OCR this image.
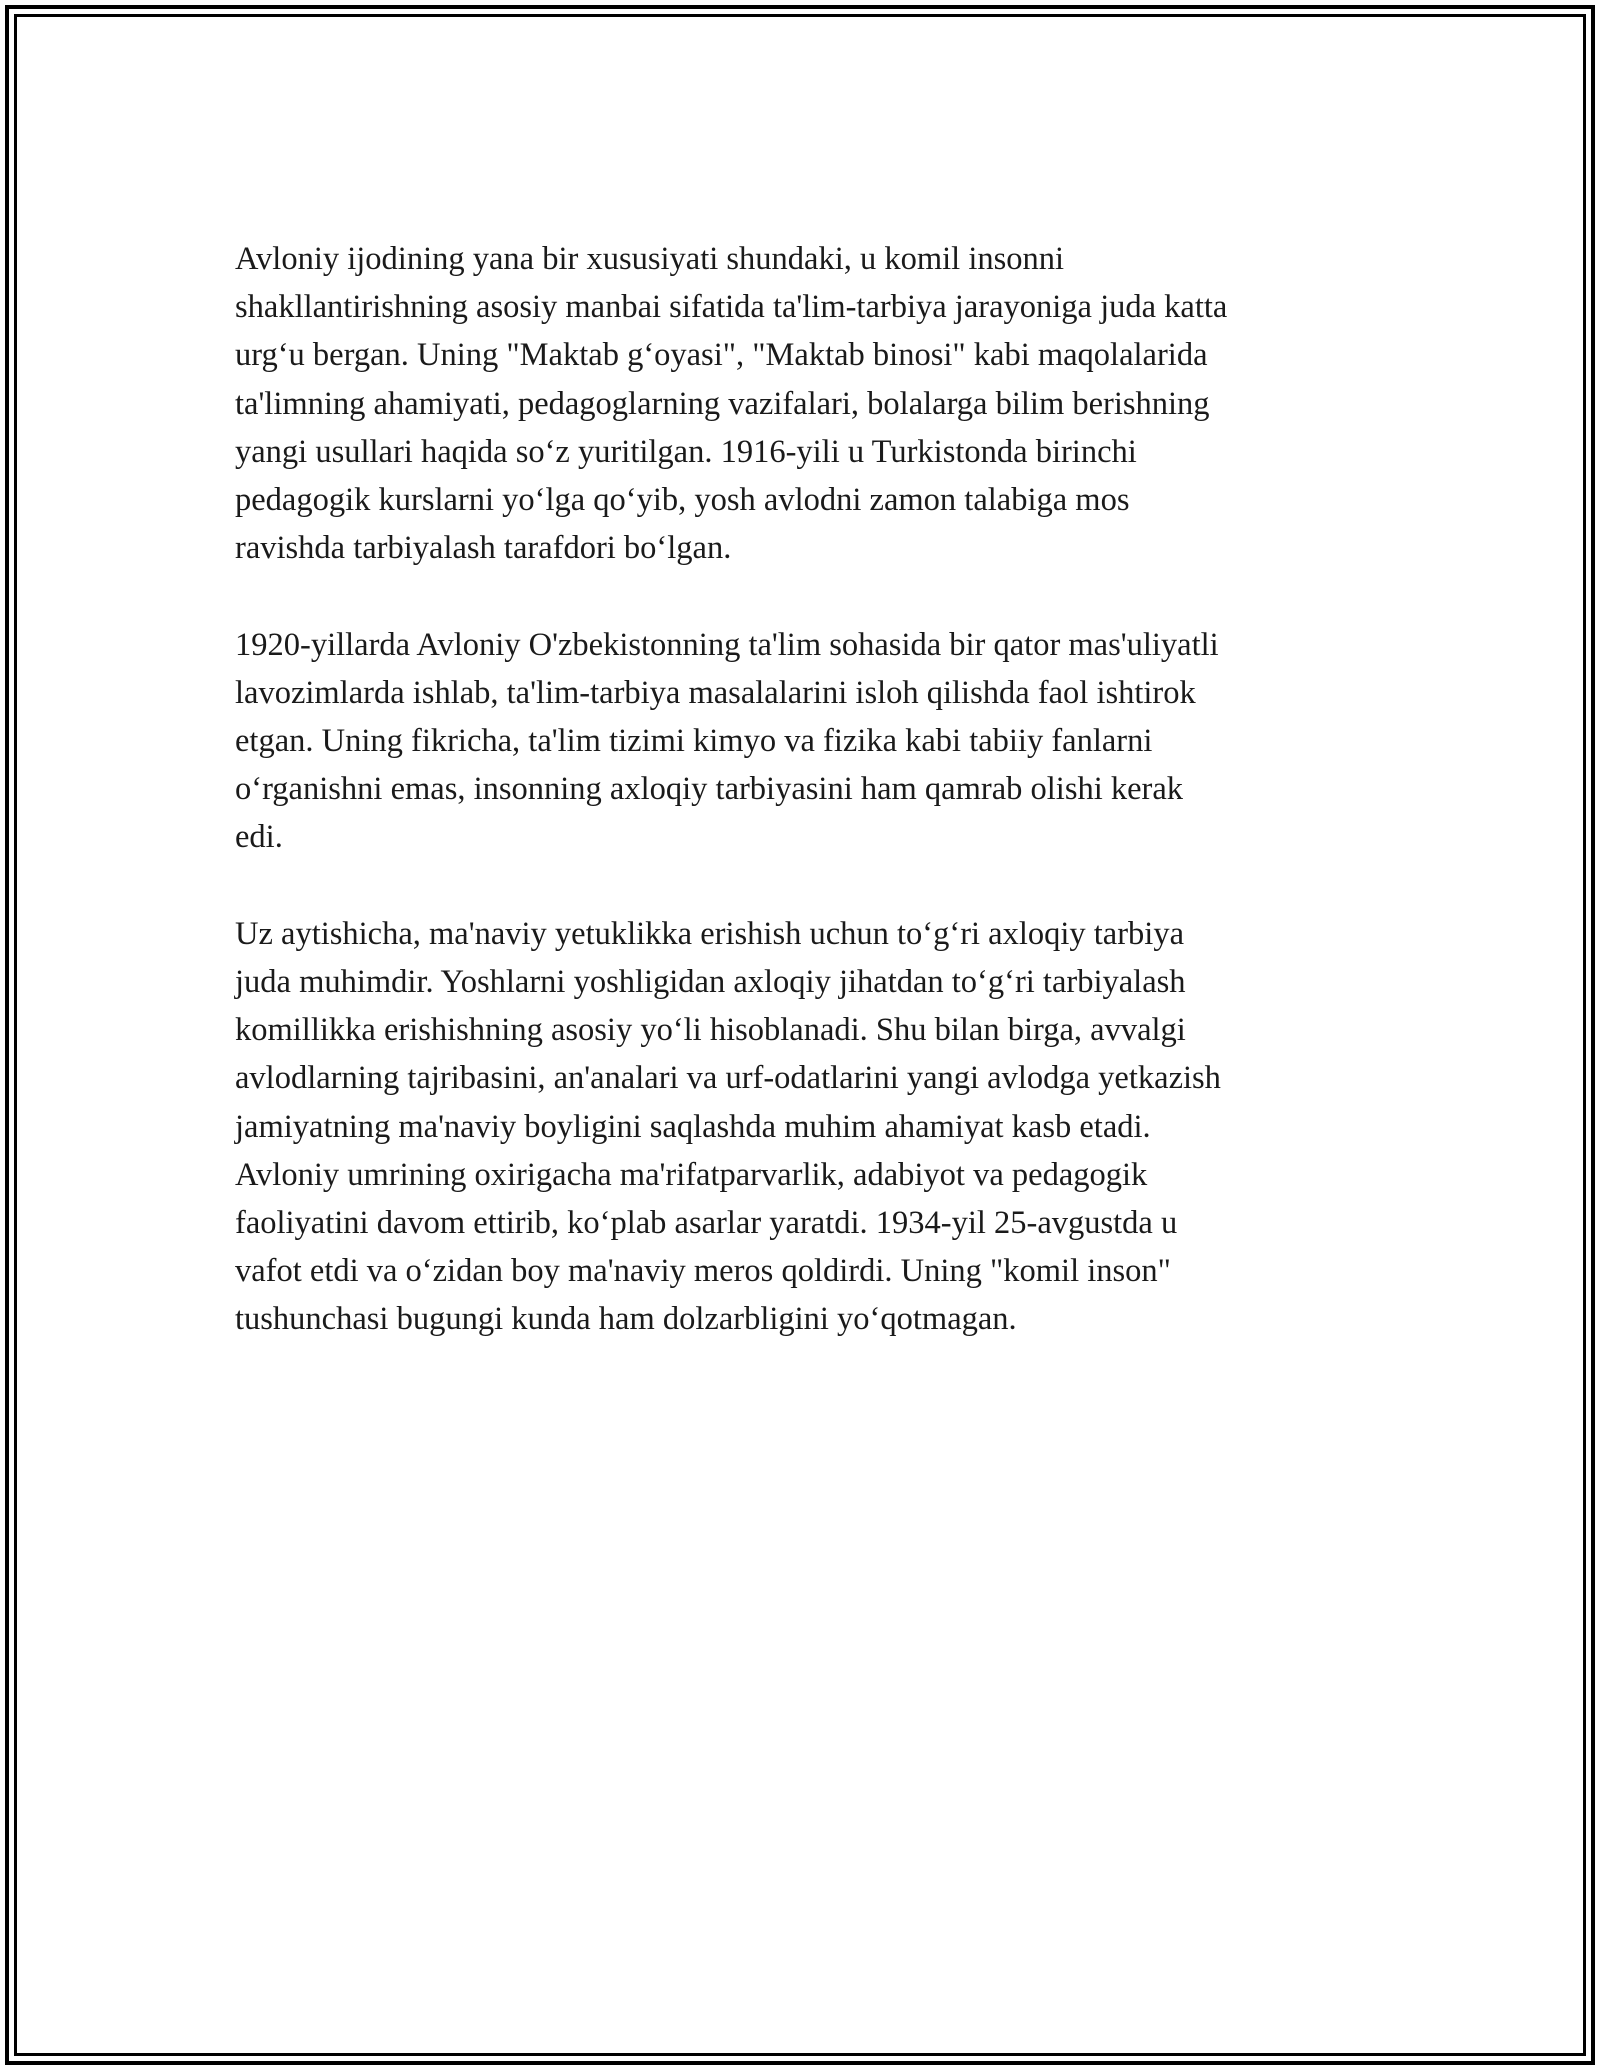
Avloniy ijodining yana bir xususiyati shundaki, u komil insonni
shakllantirishning asosiy manbai sifatida ta'lim-tarbiya jarayoniga juda katta
urgʻu bergan. Uning "Maktab gʻoyasi", "Maktab binosi" kabi maqolalarida
ta'limning ahamiyati, pedagoglarning vazifalari, bolalarga bilim berishning
yangi usullari haqida soʻz yuritilgan. 1916-yili u Turkistonda birinchi
pedagogik kurslarni yoʻlga qoʻyib, yosh avlodni zamon talabiga mos
ravishda tarbiyalash tarafdori boʻlgan.

1920-yillarda Avloniy O'zbekistonning ta'lim sohasida bir qator mas'uliyatli
lavozimlarda ishlab, ta'lim-tarbiya masalalarini isloh qilishda faol ishtirok
etgan. Uning fikricha, ta'lim tizimi kimyo va fizika kabi tabiiy fanlarni
oʻrganishni emas, insonning axloqiy tarbiyasini ham qamrab olishi kerak
edi.

Uz aytishicha, ma'naviy yetuklikka erishish uchun toʻgʻri axloqiy tarbiya
juda muhimdir. Yoshlarni yoshligidan axloqiy jihatdan toʻgʻri tarbiyalash
komillikka erishishning asosiy yoʻli hisoblanadi. Shu bilan birga, avvalgi
avlodlarning tajribasini, an'analari va urf-odatlarini yangi avlodga yetkazish
jamiyatning ma'naviy boyligini saqlashda muhim ahamiyat kasb etadi.
Avloniy umrining oxirigacha ma'rifatparvarlik, adabiyot va pedagogik
faoliyatini davom ettirib, koʻplab asarlar yaratdi. 1934-yil 25-avgustda u
vafot etdi va oʻzidan boy ma'naviy meros qoldirdi. Uning "komil inson"
tushunchasi bugungi kunda ham dolzarbligini yoʻqotmagan.
